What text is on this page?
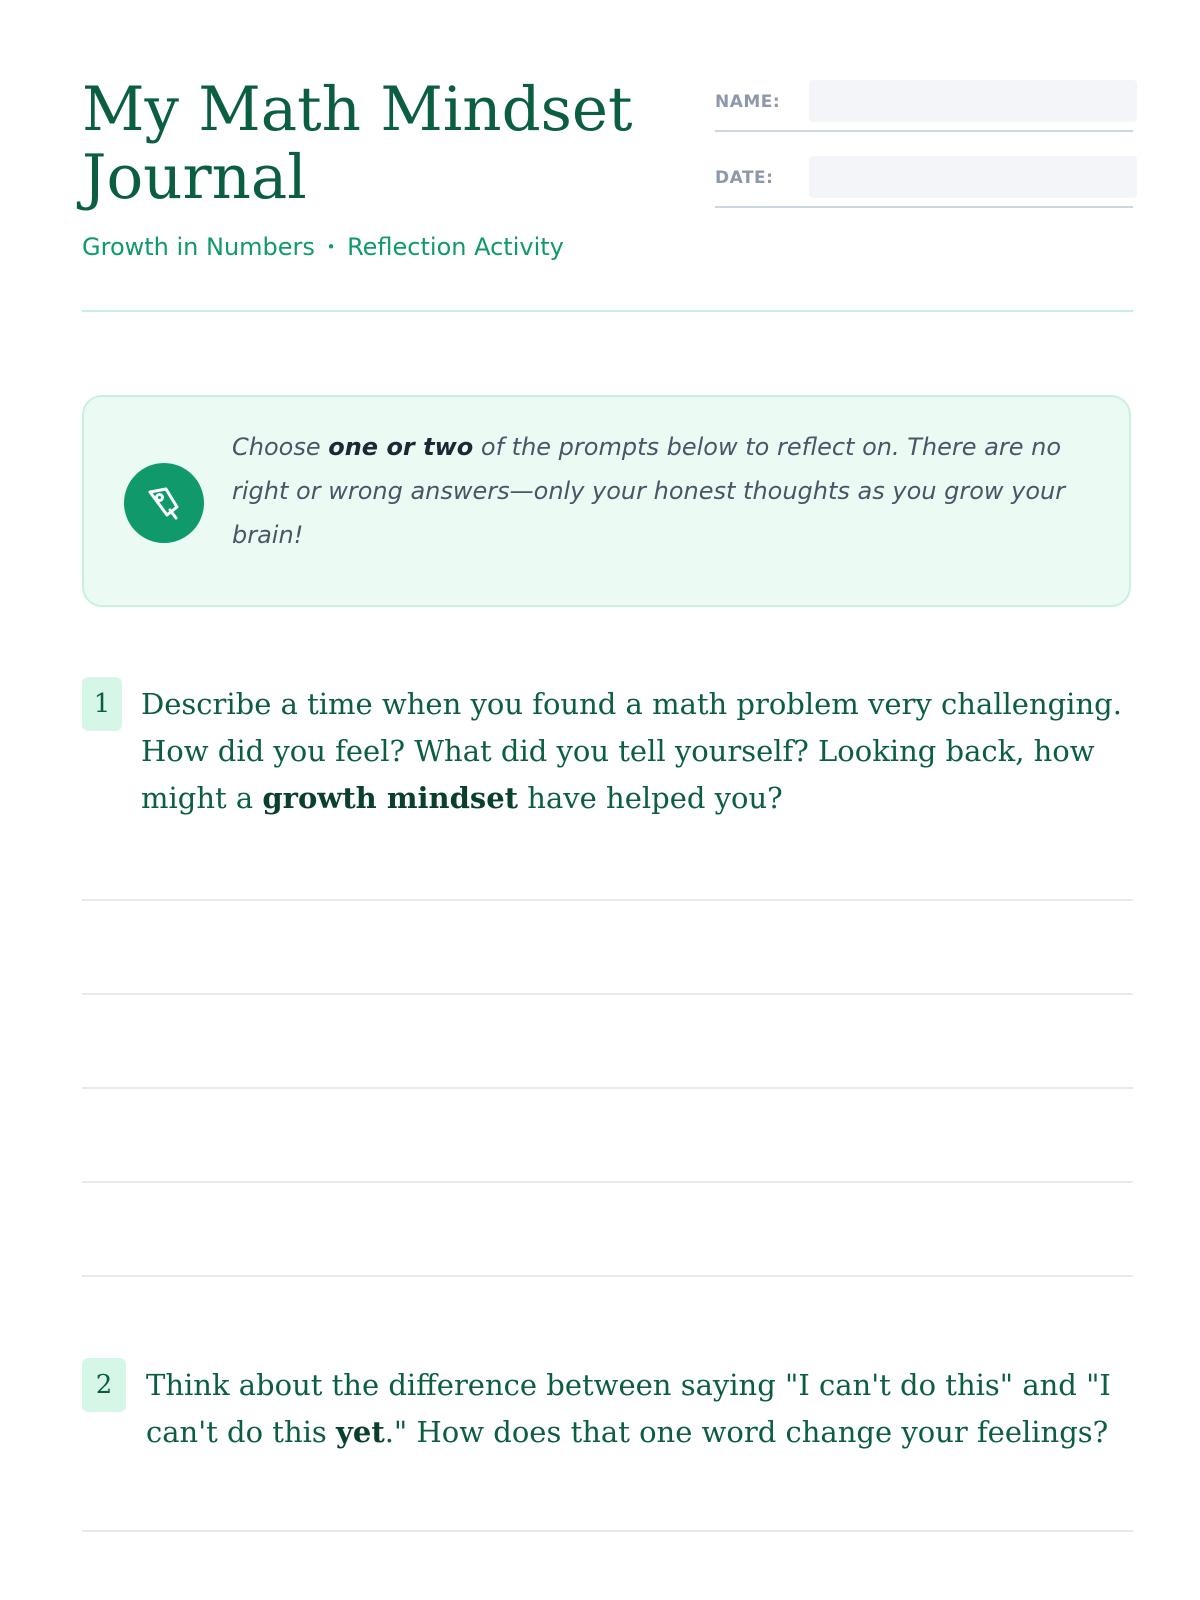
My Math Mindset Journal
Growth in Numbers • Reflection Activity
NAME:
DATE:
Choose one or two of the prompts below to reflect on. There are no right or wrong answers—only your honest thoughts as you grow your brain!
1	Describe a time when you found a math problem very challenging. How did you feel? What did you tell yourself? Looking back, how might a growth mindset have helped you?
2	Think about the difference between saying "I can't do this" and "I can't do this yet." How does that one word change your feelings?
